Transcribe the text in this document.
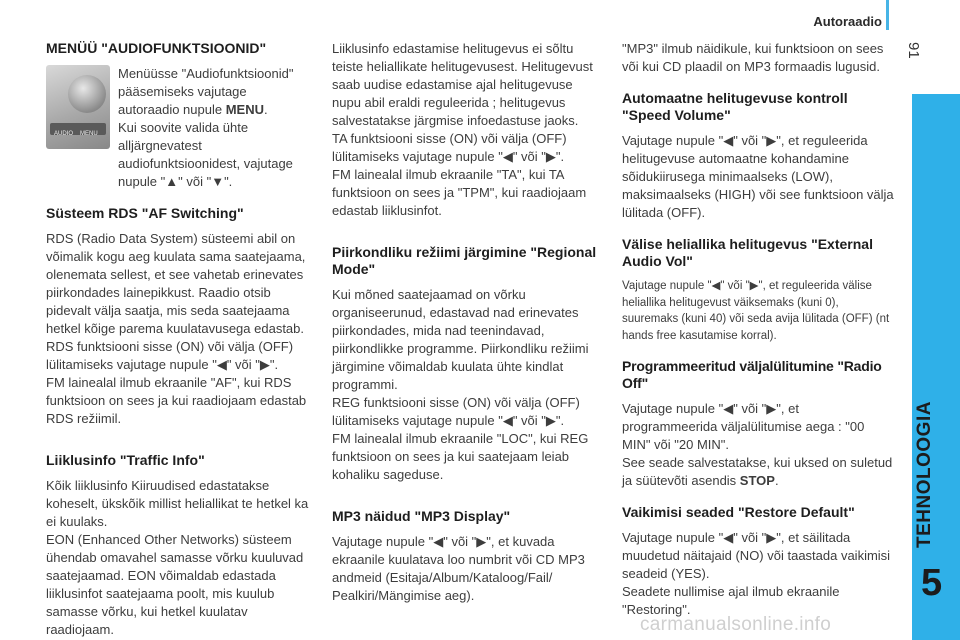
Autoraadio
91
TEHNOLOOGIA
5
MENÜÜ "AUDIOFUNKTSIOONID"
AUDIO MENU

Menüüsse "Audiofunktsioonid" pääsemiseks vajutage autoraadio nupule MENU.
Kui soovite valida ühte alljärgnevatest audiofunktsioonidest, vajutage nupule "▲" või "▼".

Süsteem RDS "AF Switching"

RDS (Radio Data System) süsteemi abil on võimalik kogu aeg kuulata sama saatejaama, olenemata sellest, et see vahetab erinevates piirkondades lainepikkust. Raadio otsib pidevalt välja saatja, mis seda saatejaama hetkel kõige parema kuulatavusega edastab.
RDS funktsiooni sisse (ON) või välja (OFF) lülitamiseks vajutage nupule "◀" või "▶".
FM lainealal ilmub ekraanile "AF", kui RDS funktsioon on sees ja kui raadiojaam edastab RDS režiimil.

Liiklusinfo "Traffic Info"

Kõik liiklusinfo Kiiruudised edastatakse koheselt, ükskõik millist heliallikat te hetkel ka ei kuulaks.
EON (Enhanced Other Networks) süsteem ühendab omavahel samasse võrku kuuluvad saatejaamad. EON võimaldab edastada liiklusinfot saatejaama poolt, mis kuulub samasse võrku, kui hetkel kuulatav raadiojaam.

Liiklusinfo edastamise helitugevus ei sõltu teiste heliallikate helitugevusest. Helitugevust saab uudise edastamise ajal helitugevuse nupu abil eraldi reguleerida ; helitugevus salvestatakse järgmise infoedastuse jaoks.
TA funktsiooni sisse (ON) või välja (OFF) lülitamiseks vajutage nupule "◀" või "▶".
FM lainealal ilmub ekraanile "TA", kui TA funktsioon on sees ja "TPM", kui raadiojaam edastab liiklusinfot.

Piirkondliku režiimi järgimine "Regional Mode"

Kui mõned saatejaamad on võrku organiseerunud, edastavad nad erinevates piirkondades, mida nad teenindavad, piirkondlikke programme. Piirkondliku režiimi järgimine võimaldab kuulata ühte kindlat programmi.
REG funktsiooni sisse (ON) või välja (OFF) lülitamiseks vajutage nupule "◀" või "▶".
FM lainealal ilmub ekraanile "LOC", kui REG funktsioon on sees ja kui saatejaam leiab kohaliku sageduse.

MP3 näidud "MP3 Display"

Vajutage nupule "◀" või "▶", et kuvada ekraanile kuulatava loo numbrit või CD MP3 andmeid (Esitaja/Album/Kataloog/Fail/ Pealkiri/Mängimise aeg).

"MP3" ilmub näidikule, kui funktsioon on sees või kui CD plaadil on MP3 formaadis lugusid.

Automaatne helitugevuse kontroll "Speed Volume"

Vajutage nupule "◀" või "▶", et reguleerida helitugevuse automaatne kohandamine sõidukiirusega minimaalseks (LOW), maksimaalseks (HIGH) või see funktsioon välja lülitada (OFF).

Välise heliallika helitugevus "External Audio Vol"

Vajutage nupule "◀" või "▶", et reguleerida välise heliallika helitugevust väiksemaks (kuni 0), suuremaks (kuni 40) või seda avija lülitada (OFF) (nt hands free kasutamise korral).

Programmeeritud väljalülitumine "Radio Off"

Vajutage nupule "◀" või "▶", et programmeerida väljalülitumise aega : "00 MIN" või "20 MIN".
See seade salvestatakse, kui uksed on suletud ja süütevõti asendis STOP.

Vaikimisi seaded "Restore Default"

Vajutage nupule "◀" või "▶", et säilitada muudetud näitajaid (NO) või taastada vaikimisi seadeid (YES).
Seadete nullimise ajal ilmub ekraanile "Restoring".

carmanualsonline.info
